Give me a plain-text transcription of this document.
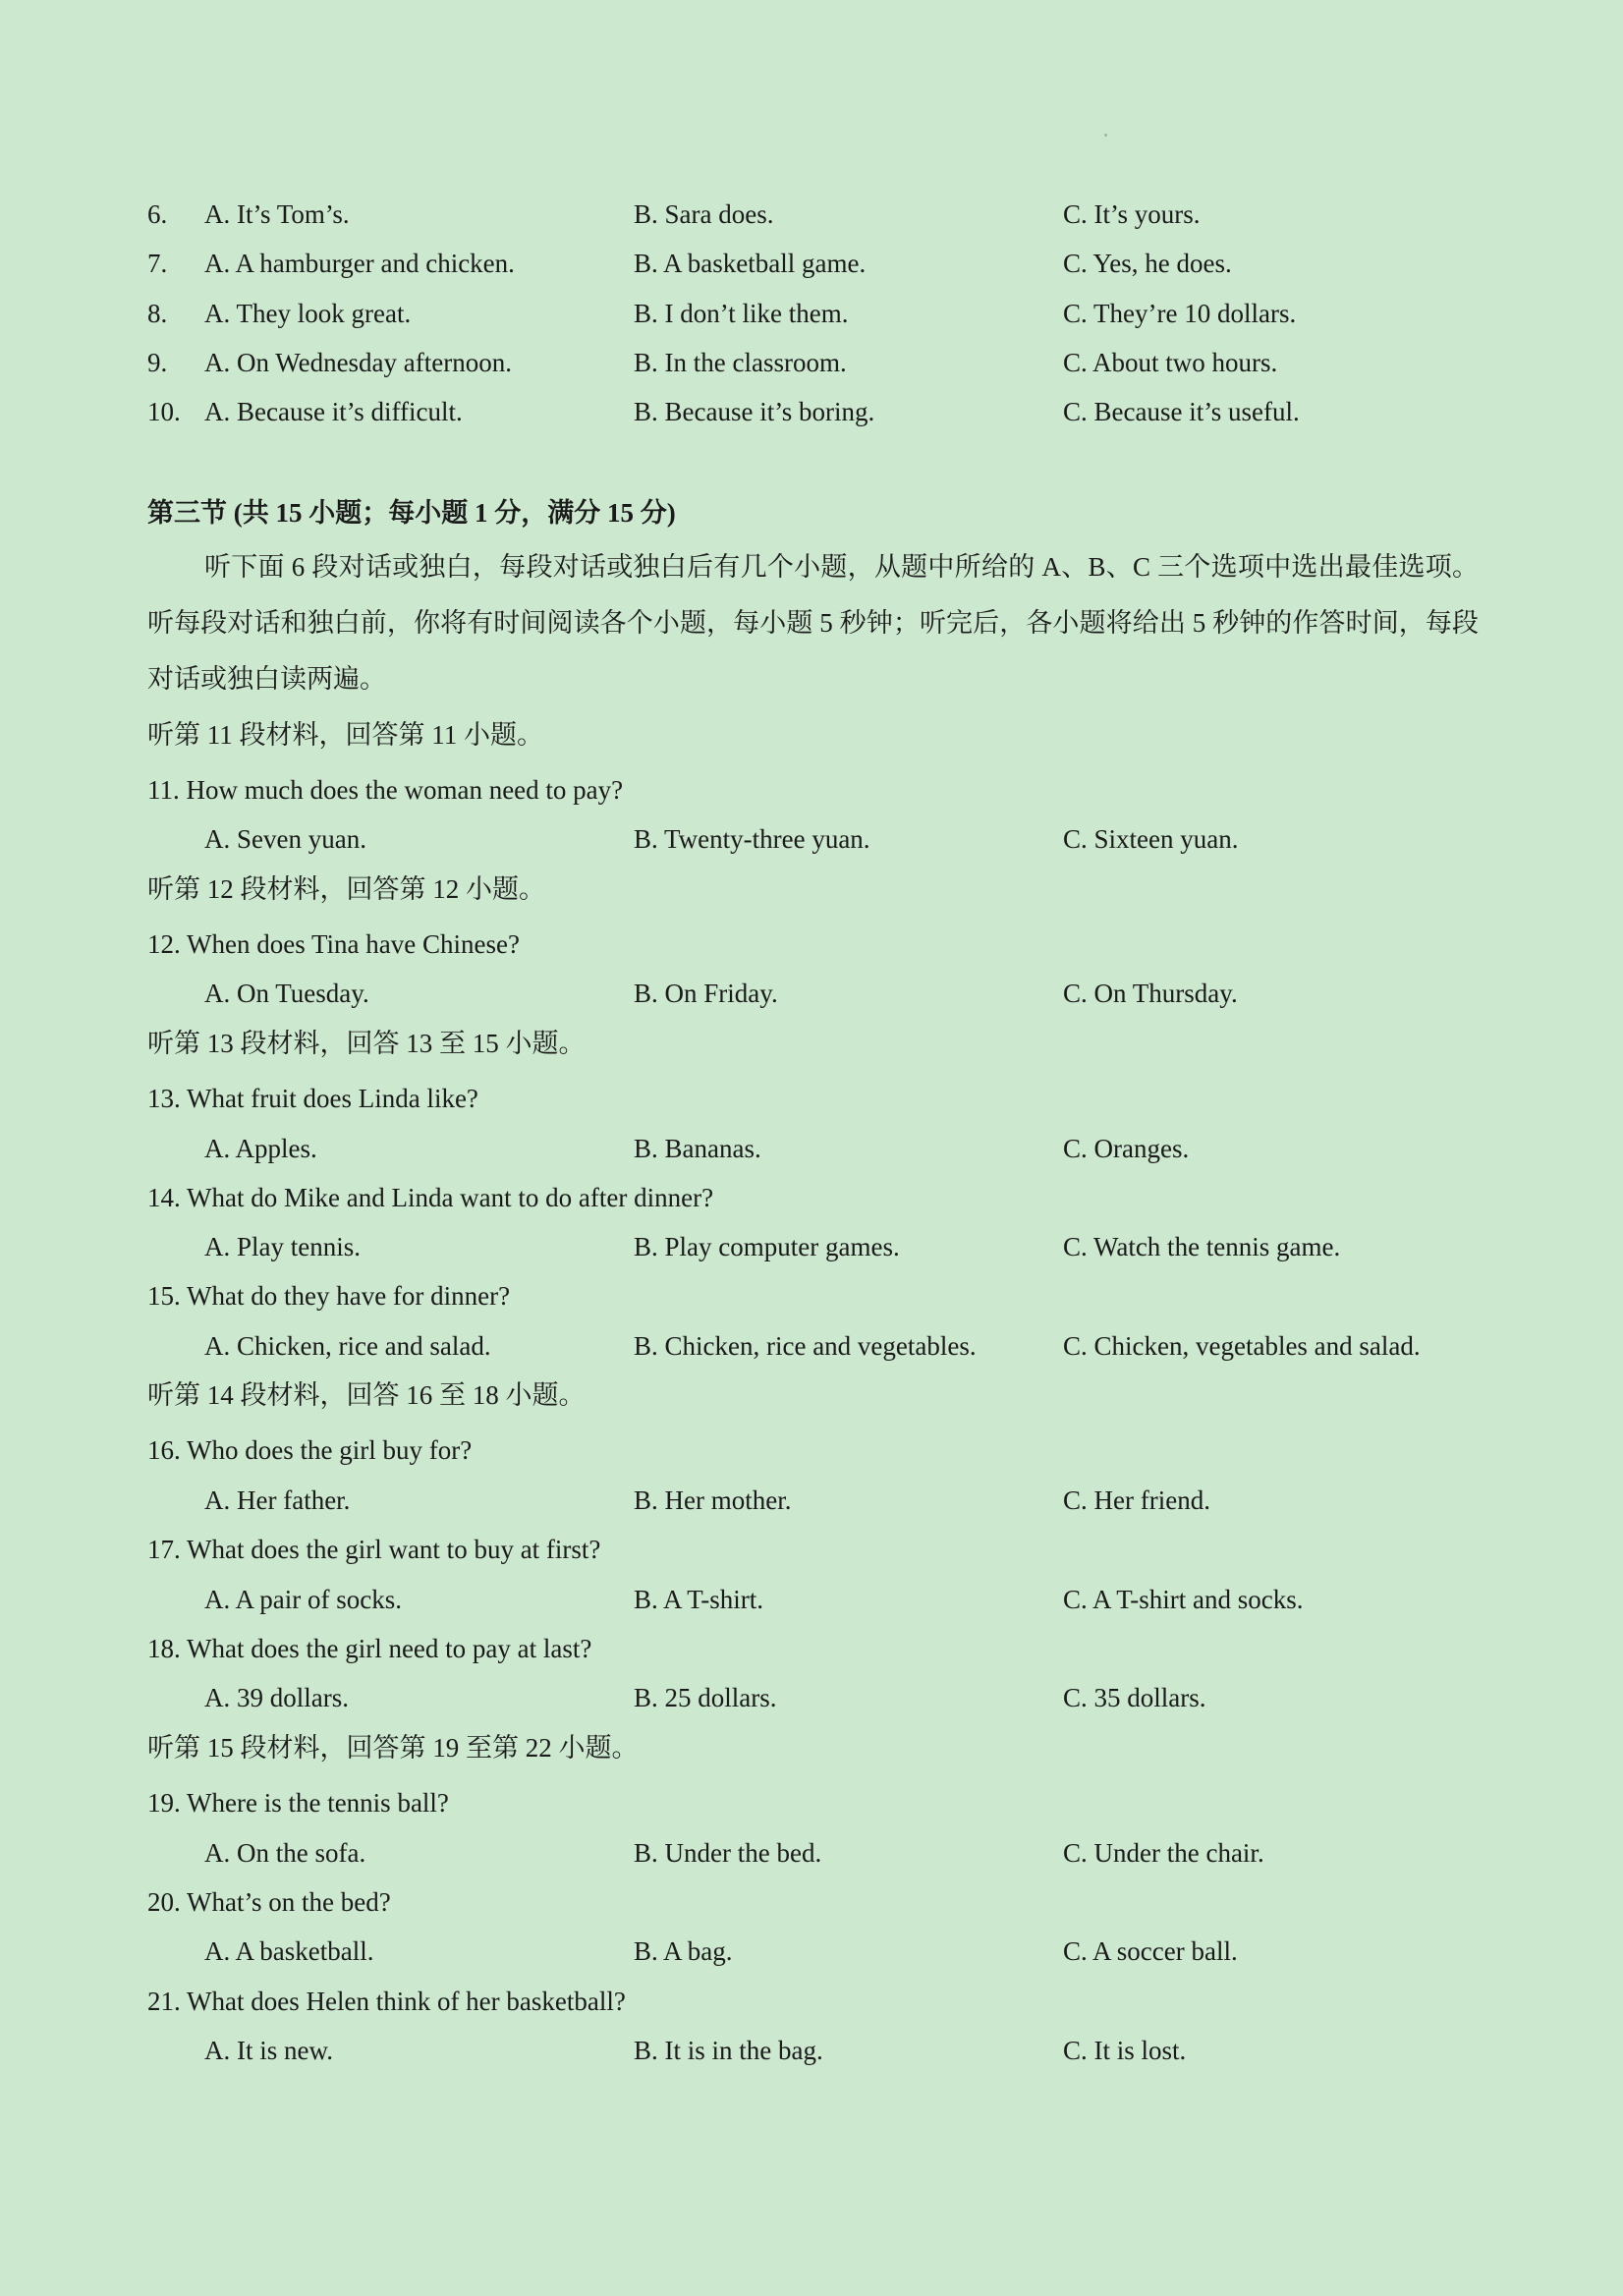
6. A. It’s Tom’s.	B. Sara does.	C. It’s yours.
7. A. A hamburger and chicken.	B. A basketball game.	C. Yes, he does.
8. A. They look great.	B. I don’t like them.	C. They’re 10 dollars.
9. A. On Wednesday afternoon.	B. In the classroom.	C. About two hours.
10. A. Because it’s difficult.	B. Because it’s boring.	C. Because it’s useful.
第三节 (共 15 小题；每小题 1 分，满分 15 分)

听下面 6 段对话或独白，每段对话或独白后有几个小题，从题中所给的 A、B、C 三个选项中选出最佳选项。听每段对话和独白前，你将有时间阅读各个小题，每小题 5 秒钟；听完后，各小题将给出 5 秒钟的作答时间，每段对话或独白读两遍。

听第 11 段材料，回答第 11 小题。
11. How much does the woman need to pay?
A. Seven yuan.	B. Twenty-three yuan.	C. Sixteen yuan.
听第 12 段材料，回答第 12 小题。
12. When does Tina have Chinese?
A. On Tuesday.	B. On Friday.	C. On Thursday.
听第 13 段材料，回答 13 至 15 小题。
13. What fruit does Linda like?
A. Apples.	B. Bananas.	C. Oranges.
14. What do Mike and Linda want to do after dinner?
A. Play tennis.	B. Play computer games.	C. Watch the tennis game.
15. What do they have for dinner?
A. Chicken, rice and salad.	B. Chicken, rice and vegetables.	C. Chicken, vegetables and salad.
听第 14 段材料，回答 16 至 18 小题。
16. Who does the girl buy for?
A. Her father.	B. Her mother.	C. Her friend.
17. What does the girl want to buy at first?
A. A pair of socks.	B. A T-shirt.	C. A T-shirt and socks.
18. What does the girl need to pay at last?
A. 39 dollars.	B. 25 dollars.	C. 35 dollars.
听第 15 段材料，回答第 19 至第 22 小题。
19. Where is the tennis ball?
A. On the sofa.	B. Under the bed.	C. Under the chair.
20. What’s on the bed?
A. A basketball.	B. A bag.	C. A soccer ball.
21. What does Helen think of her basketball?
A. It is new.	B. It is in the bag.	C. It is lost.
